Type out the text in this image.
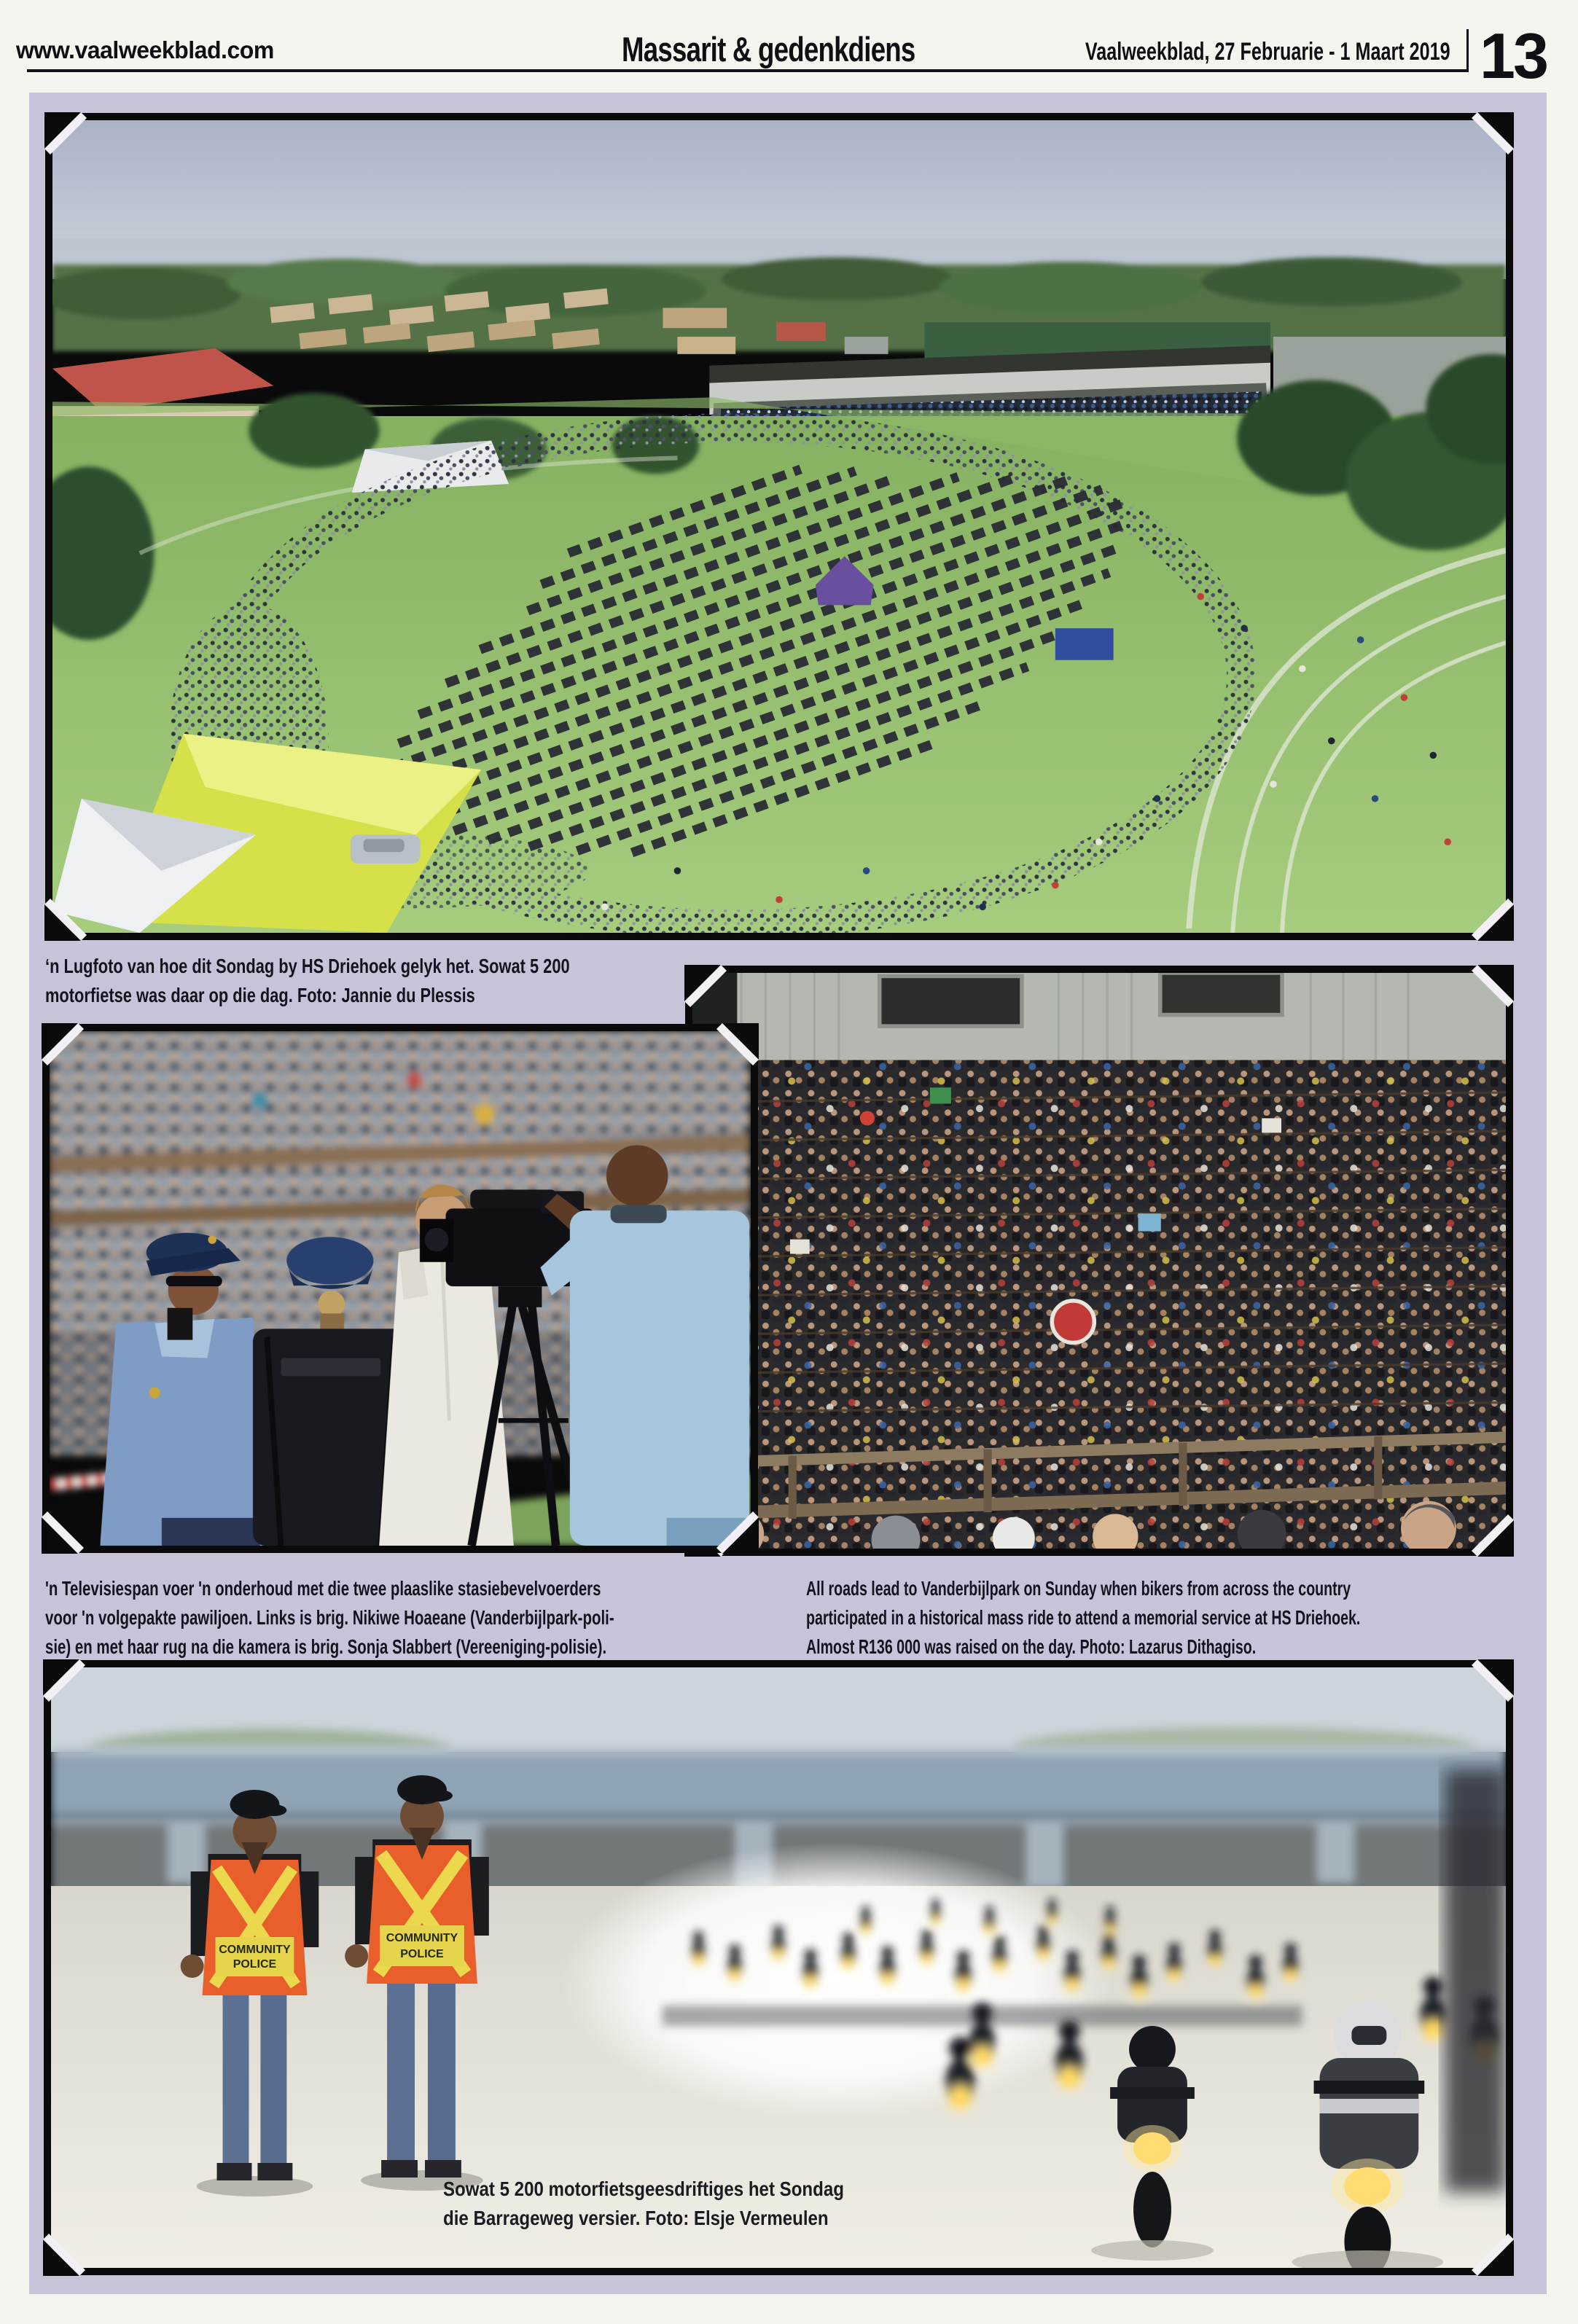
www.vaalweekblad.com	Massarit & gedenkdiens	Vaalweekblad, 27 Februarie - 1 Maart 2019 13
‘n Lugfoto van hoe dit Sondag by HS Driehoek gelyk het. Sowat 5 200
motorfietse was daar op die dag. Foto: Jannie du Plessis
'n Televisiespan voer 'n onderhoud met die twee plaaslike stasiebevelvoerders
voor 'n volgepakte pawiljoen. Links is brig. Nikiwe Hoaeane (Vanderbijlpark-poli-
sie) en met haar rug na die kamera is brig. Sonja Slabbert (Vereeniging-polisie).
All roads lead to Vanderbijlpark on Sunday when bikers from across the country
participated in a historical mass ride to attend a memorial service at HS Driehoek.
Almost R136 000 was raised on the day. Photo: Lazarus Dithagiso.
COMMUNITY
POLICE
COMMUNITY
POLICE
Sowat 5 200 motorfietsgeesdriftiges het Sondag
die Barrageweg versier. Foto: Elsje Vermeulen
